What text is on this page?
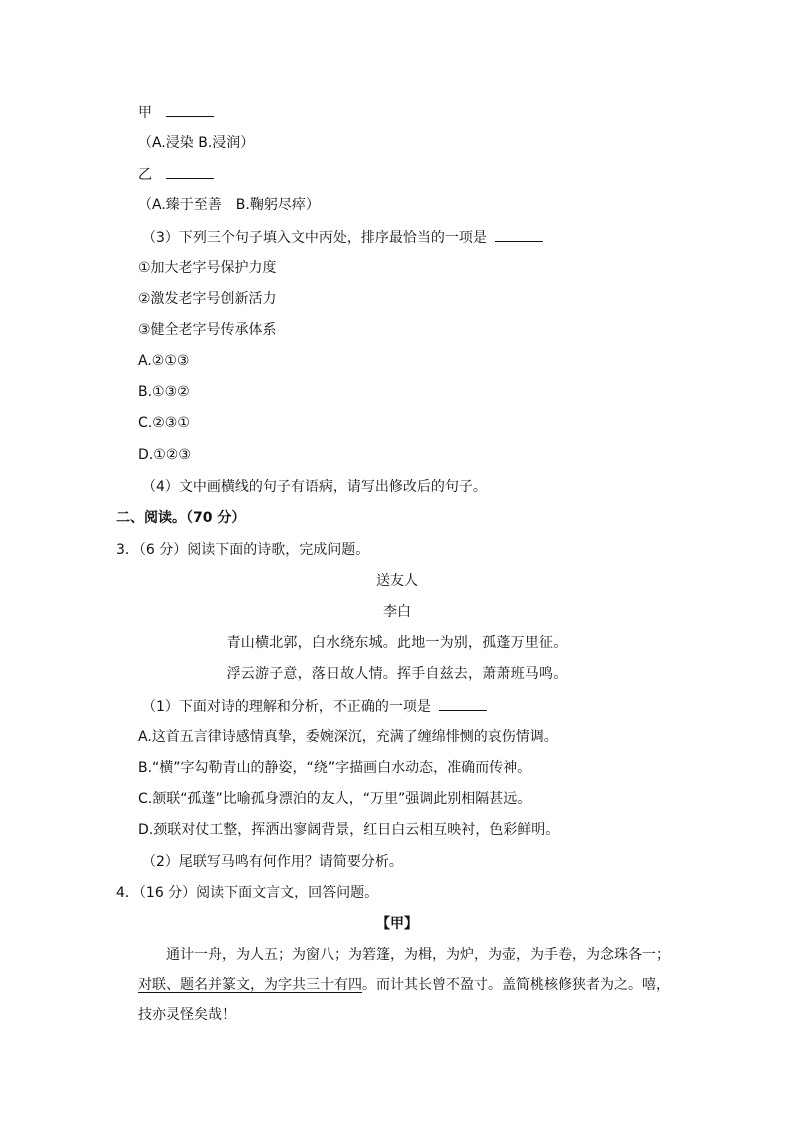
甲
（A.浸染 B.浸润）
乙
（A.臻于至善　B.鞠躬尽瘁）
（3）下列三个句子填入文中丙处，排序最恰当的一项是
①加大老字号保护力度
②激发老字号创新活力
③健全老字号传承体系
A.②①③
B.①③②
C.②③①
D.①②③
（4）文中画横线的句子有语病，请写出修改后的句子。
二、阅读。（70 分）
3．（6 分）阅读下面的诗歌，完成问题。
送友人
李白
青山横北郭，白水绕东城。此地一为别，孤蓬万里征。
浮云游子意，落日故人情。挥手自兹去，萧萧班马鸣。
（1）下面对诗的理解和分析，不正确的一项是
A.这首五言律诗感情真挚，委婉深沉，充满了缠绵悱恻的哀伤情调。
B.“横”字勾勒青山的静姿，“绕”字描画白水动态，准确而传神。
C.颔联“孤蓬”比喻孤身漂泊的友人，“万里”强调此别相隔甚远。
D.颈联对仗工整，挥洒出寥阔背景，红日白云相互映衬，色彩鲜明。
（2）尾联写马鸣有何作用？请简要分析。
4．（16 分）阅读下面文言文，回答问题。
【甲】
通计一舟，为人五；为窗八；为箬篷，为楫，为炉，为壶，为手卷，为念珠各一；
对联、题名并篆文，为字共三十有四。而计其长曾不盈寸。盖简桃核修狭者为之。嘻，
技亦灵怪矣哉！
